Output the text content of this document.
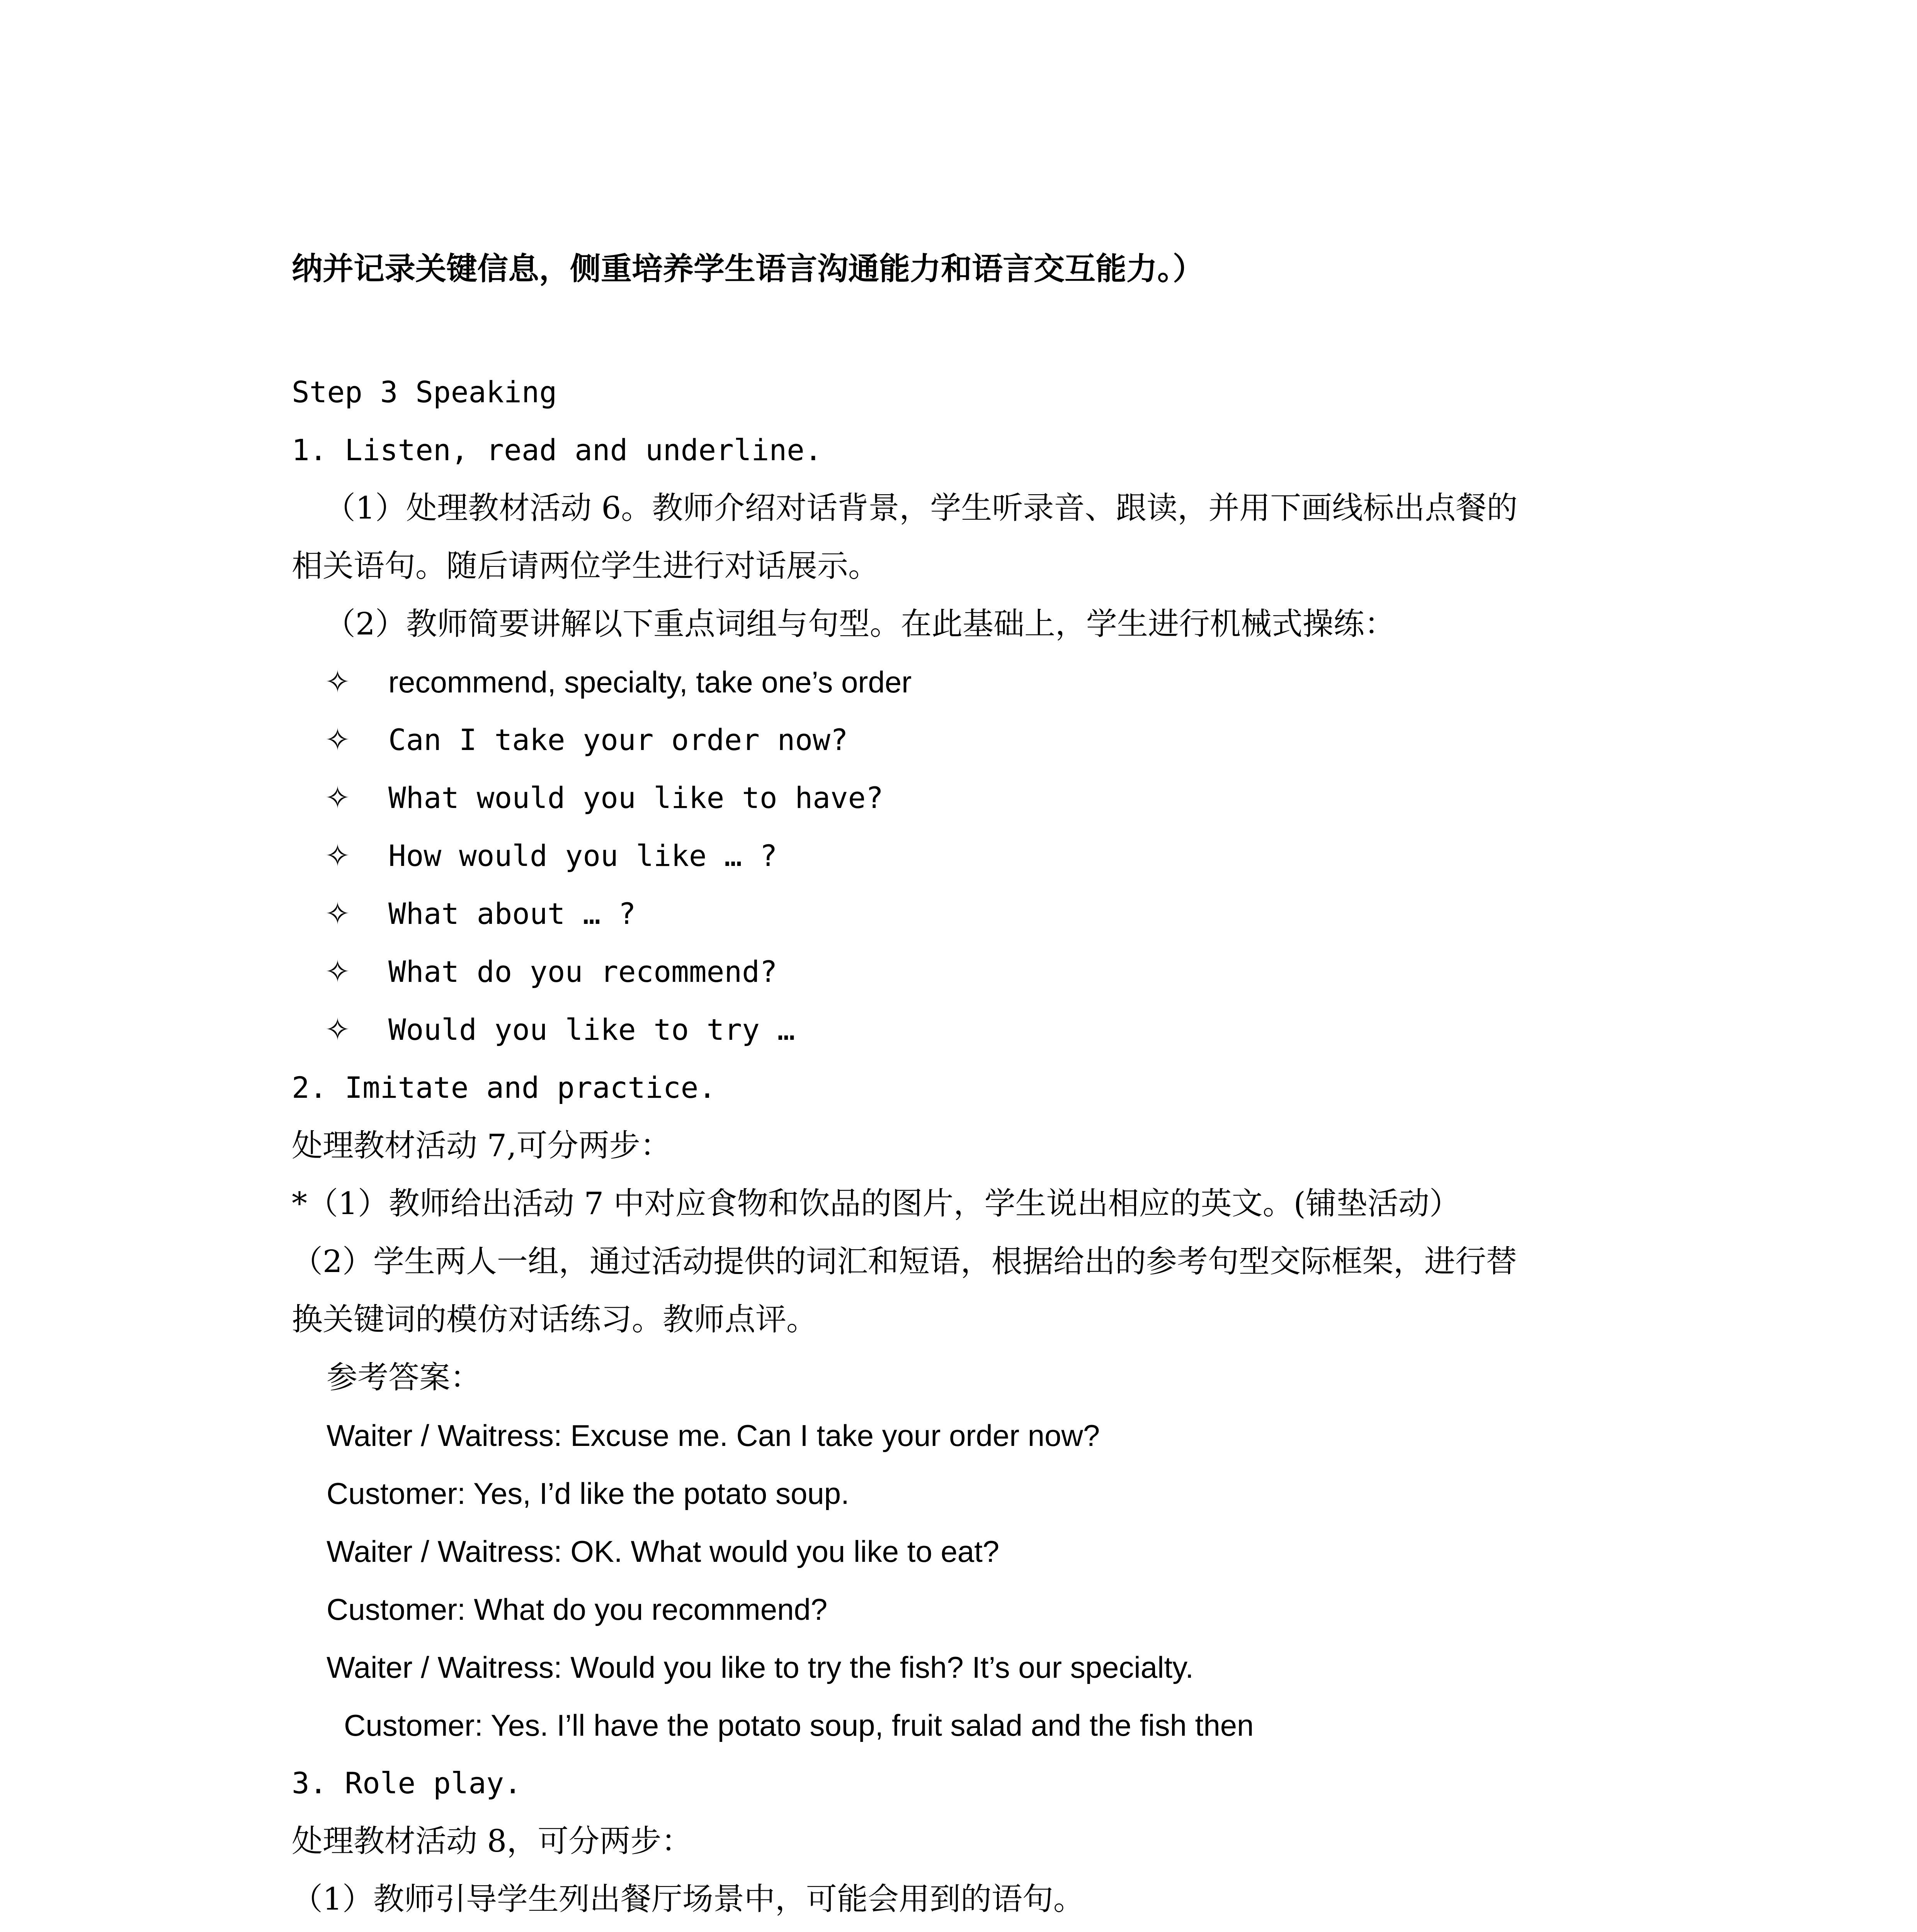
纳并记录关键信息，侧重培养学生语言沟通能力和语言交互能力。）
Step 3 Speaking
1. Listen, read and underline.
（1）处理教材活动 6。教师介绍对话背景，学生听录音、跟读，并用下画线标出点餐的
相关语句。随后请两位学生进行对话展示。
（2）教师简要讲解以下重点词组与句型。在此基础上，学生进行机械式操练：
✧	recommend, specialty, take one’s order
✧	Can I take your order now?
✧	What would you like to have?
✧	How would you like … ?
✧	What about … ?
✧	What do you recommend?
✧	Would you like to try …
2. Imitate and practice.
处理教材活动 7,可分两步：
*（1）教师给出活动 7 中对应食物和饮品的图片，学生说出相应的英文。(铺垫活动）
（2）学生两人一组，通过活动提供的词汇和短语，根据给出的参考句型交际框架，进行替
换关键词的模仿对话练习。教师点评。
参考答案：
Waiter / Waitress: Excuse me. Can I take your order now?
Customer: Yes, I’d like the potato soup.
Waiter / Waitress: OK. What would you like to eat?
Customer: What do you recommend?
Waiter / Waitress: Would you like to try the fish? It’s our specialty.
Customer: Yes. I’ll have the potato soup, fruit salad and the fish then
3. Role play.
处理教材活动 8，可分两步：
（1）教师引导学生列出餐厅场景中，可能会用到的语句。
